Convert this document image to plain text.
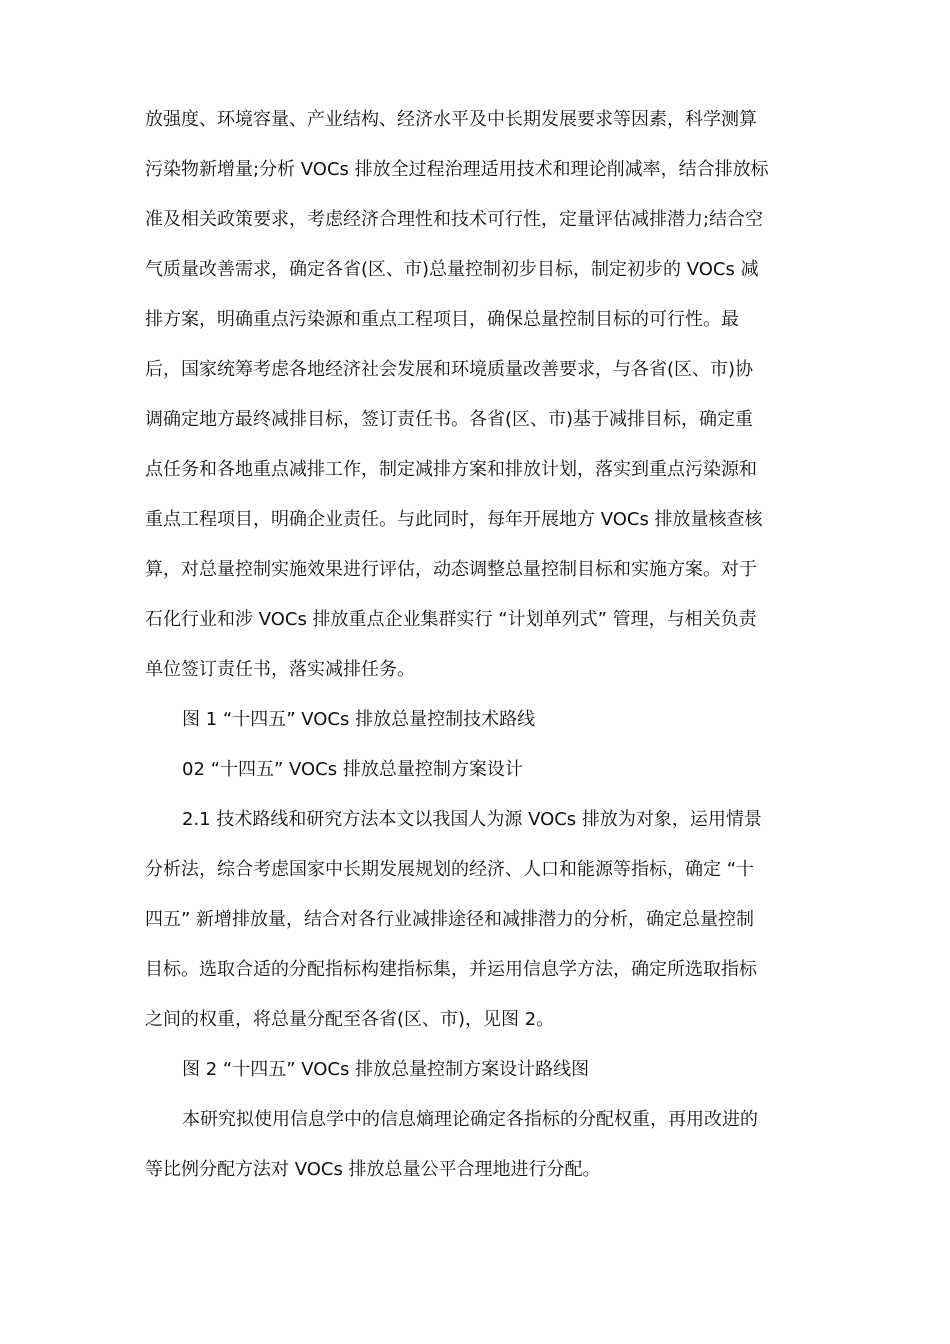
放强度、环境容量、产业结构、经济水平及中长期发展要求等因素，科学测算
污染物新增量;分析 VOCs 排放全过程治理适用技术和理论削减率，结合排放标
准及相关政策要求，考虑经济合理性和技术可行性，定量评估减排潜力;结合空
气质量改善需求，确定各省(区、市)总量控制初步目标，制定初步的 VOCs 减
排方案，明确重点污染源和重点工程项目，确保总量控制目标的可行性。最
后，国家统筹考虑各地经济社会发展和环境质量改善要求，与各省(区、市)协
调确定地方最终减排目标，签订责任书。各省(区、市)基于减排目标，确定重
点任务和各地重点减排工作，制定减排方案和排放计划，落实到重点污染源和
重点工程项目，明确企业责任。与此同时，每年开展地方 VOCs 排放量核查核
算，对总量控制实施效果进行评估，动态调整总量控制目标和实施方案。对于
石化行业和涉 VOCs 排放重点企业集群实行 “计划单列式” 管理，与相关负责
单位签订责任书，落实减排任务。
图 1 “十四五” VOCs 排放总量控制技术路线
02 “十四五” VOCs 排放总量控制方案设计
2.1 技术路线和研究方法本文以我国人为源 VOCs 排放为对象，运用情景
分析法，综合考虑国家中长期发展规划的经济、人口和能源等指标，确定 “十
四五” 新增排放量，结合对各行业减排途径和减排潜力的分析，确定总量控制
目标。选取合适的分配指标构建指标集，并运用信息学方法，确定所选取指标
之间的权重，将总量分配至各省(区、市)，见图 2。
图 2 “十四五” VOCs 排放总量控制方案设计路线图
本研究拟使用信息学中的信息熵理论确定各指标的分配权重，再用改进的
等比例分配方法对 VOCs 排放总量公平合理地进行分配。
